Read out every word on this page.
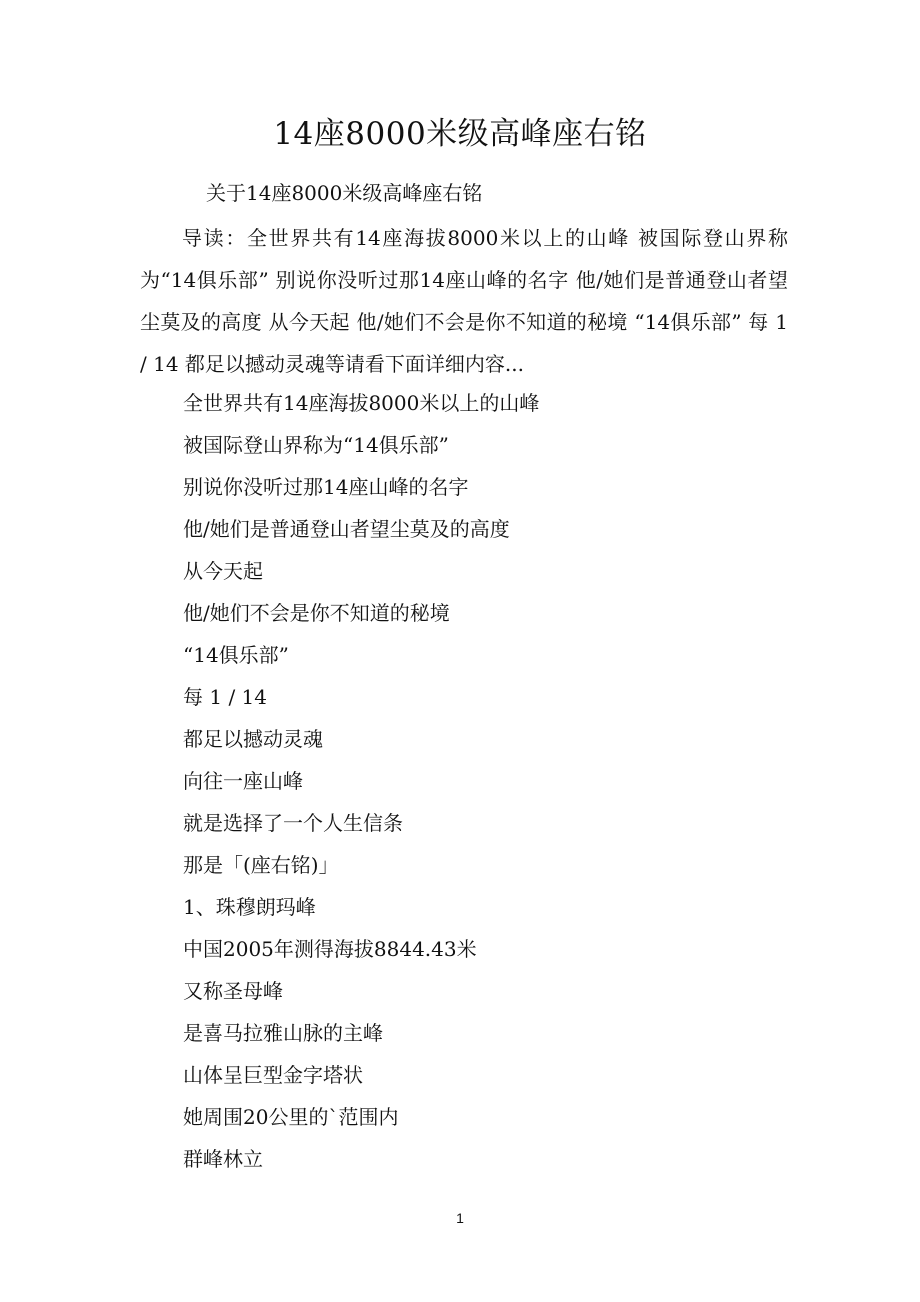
14座8000米级高峰座右铭
关于14座8000米级高峰座右铭

导读：全世界共有14座海拔8000米以上的山峰 被国际登山界称为“14俱乐部” 别说你没听过那14座山峰的名字 他/她们是普通登山者望尘莫及的高度 从今天起 他/她们不会是你不知道的秘境 “14俱乐部” 每 1 / 14 都足以撼动灵魂等请看下面详细内容...

全世界共有14座海拔8000米以上的山峰
被国际登山界称为“14俱乐部”
别说你没听过那14座山峰的名字
他/她们是普通登山者望尘莫及的高度
从今天起
他/她们不会是你不知道的秘境
“14俱乐部”
每 1 / 14
都足以撼动灵魂
向往一座山峰
就是选择了一个人生信条
那是「(座右铭)」
1、珠穆朗玛峰
中国2005年测得海拔8844.43米
又称圣母峰
是喜马拉雅山脉的主峰
山体呈巨型金字塔状
她周围20公里的`范围内
群峰林立
1
